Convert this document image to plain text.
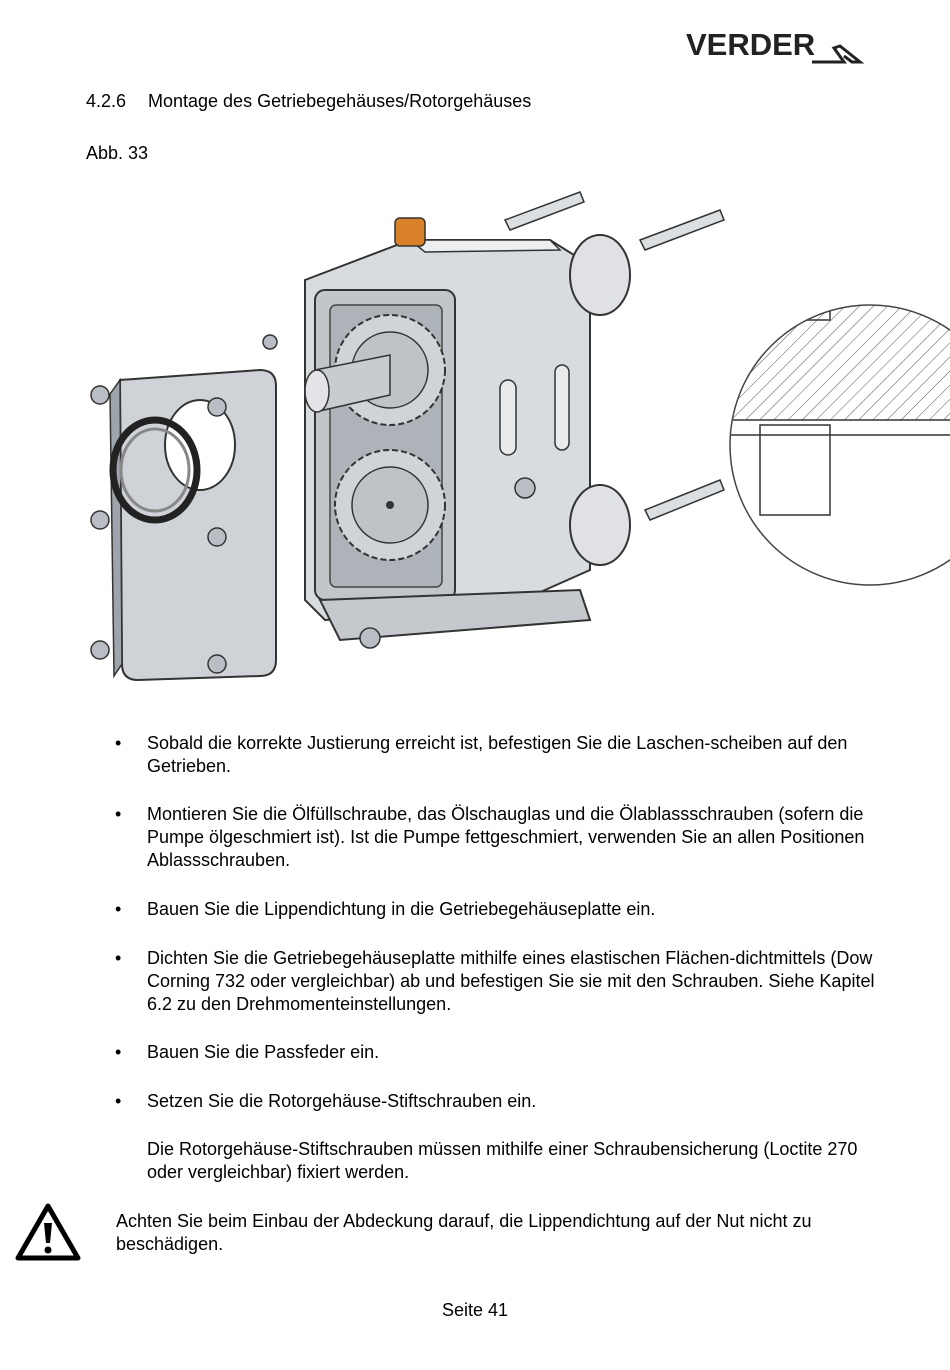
VERDER
4.2.6 Montage des Getriebegehäuses/Rotorgehäuses
Abb. 33
• Sobald die korrekte Justierung erreicht ist, befestigen Sie die Laschen-scheiben auf den Getrieben.
• Montieren Sie die Ölfüllschraube, das Ölschauglas und die Ölablassschrauben (sofern die Pumpe ölgeschmiert ist). Ist die Pumpe fettgeschmiert, verwenden Sie an allen Positionen Ablassschrauben.
• Bauen Sie die Lippendichtung in die Getriebegehäuseplatte ein.
• Dichten Sie die Getriebegehäuseplatte mithilfe eines elastischen Flächen-dichtmittels (Dow Corning 732 oder vergleichbar) ab und befestigen Sie sie mit den Schrauben. Siehe Kapitel 6.2 zu den Drehmomenteinstellungen.
• Bauen Sie die Passfeder ein.
• Setzen Sie die Rotorgehäuse-Stiftschrauben ein.
Die Rotorgehäuse-Stiftschrauben müssen mithilfe einer Schraubensicherung (Loctite 270 oder vergleichbar) fixiert werden.
Achten Sie beim Einbau der Abdeckung darauf, die Lippendichtung auf der Nut nicht zu beschädigen.
Seite 41
